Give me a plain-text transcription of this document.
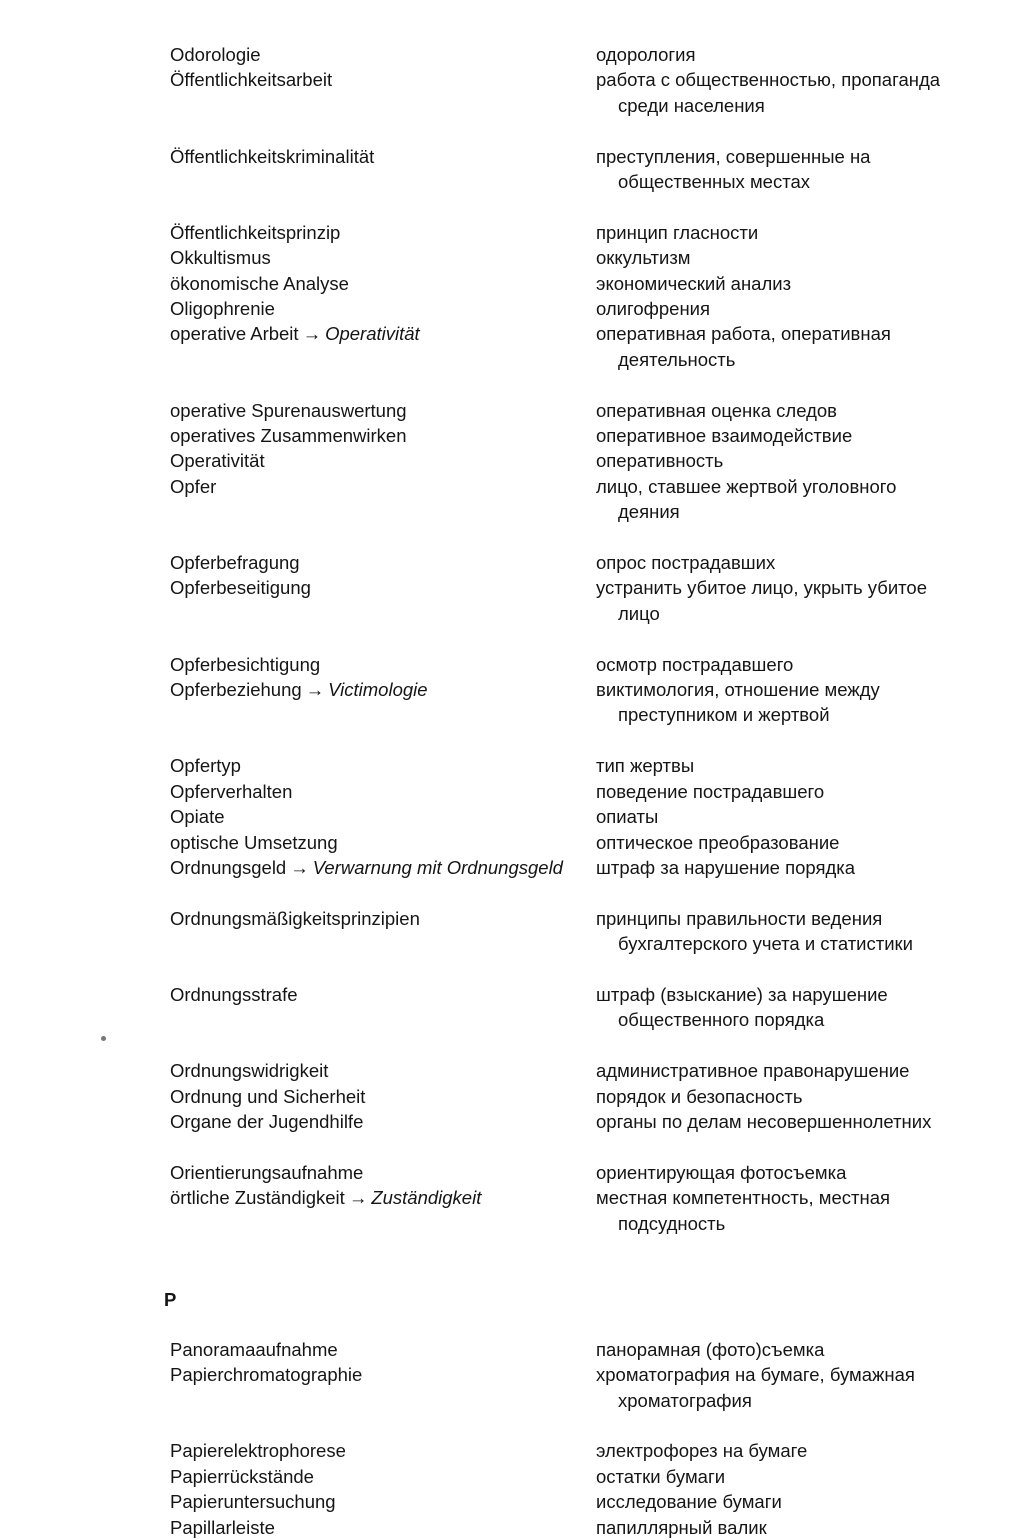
Odorologie	одорология
Öffentlichkeitsarbeit	работа с общественностью, пропаганда среди населения
Öffentlichkeitskriminalität	преступления, совершенные на общественных местах
Öffentlichkeitsprinzip	принцип гласности
Okkultismus	оккультизм
ökonomische Analyse	экономический анализ
Oligophrenie	олигофрения
operative Arbeit → Operativität	оперативная работа, оперативная деятельность
operative Spurenauswertung	оперативная оценка следов
operatives Zusammenwirken	оперативное взаимодействие
Operativität	оперативность
Opfer	лицо, ставшее жертвой уголовного деяния
Opferbefragung	опрос пострадавших
Opferbeseitigung	устранить убитое лицо, укрыть убитое лицо
Opferbesichtigung	осмотр пострадавшего
Opferbeziehung → Victimologie	виктимология, отношение между преступником и жертвой
Opfertyp	тип жертвы
Opferverhalten	поведение пострадавшего
Opiate	опиаты
optische Umsetzung	оптическое преобразование
Ordnungsgeld → Verwarnung mit Ordnungsgeld	штраф за нарушение порядка
Ordnungsmäßigkeitsprinzipien	принципы правильности ведения бухгалтерского учета и статистики
Ordnungsstrafe	штраф (взыскание) за нарушение общественного порядка
Ordnungswidrigkeit	административное правонарушение
Ordnung und Sicherheit	порядок и безопасность
Organe der Jugendhilfe	органы по делам несовершеннолетних
Orientierungsaufnahme	ориентирующая фотосъемка
örtliche Zuständigkeit → Zuständigkeit	местная компетентность, местная подсудность
P
Panoramaaufnahme	панорамная (фото)съемка
Papierchromatographie	хроматография на бумаге, бумажная хроматография
Papierelektrophorese	электрофорез на бумаге
Papierrückstände	остатки бумаги
Papieruntersuchung	исследование бумаги
Papillarleiste	папиллярный валик
